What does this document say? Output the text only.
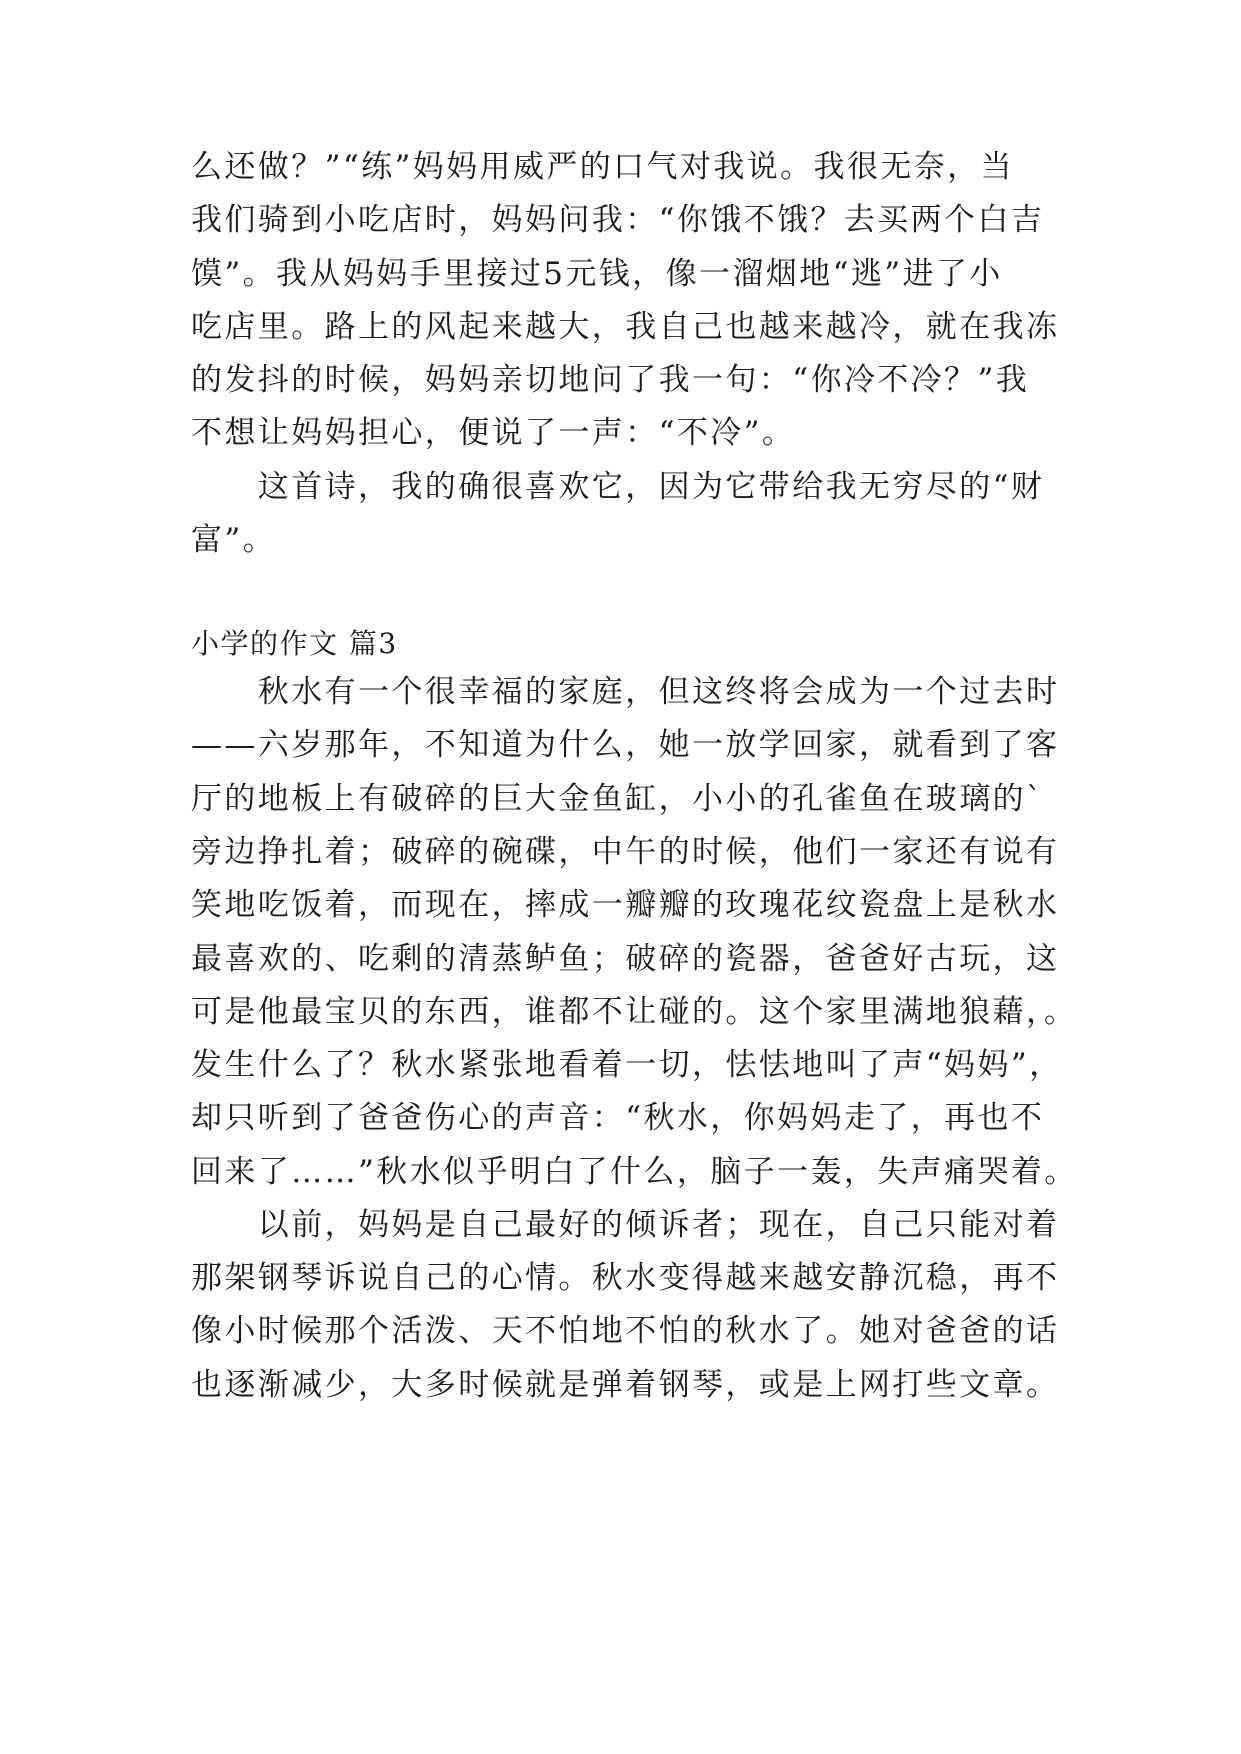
么还做？”“练”妈妈用威严的口气对我说。我很无奈，当
我们骑到小吃店时，妈妈问我：“你饿不饿？去买两个白吉
馍”。我从妈妈手里接过5元钱，像一溜烟地“逃”进了小
吃店里。路上的风起来越大，我自己也越来越冷，就在我冻
的发抖的时候，妈妈亲切地问了我一句：“你冷不冷？”我
不想让妈妈担心，便说了一声：“不冷”。
　　这首诗，我的确很喜欢它，因为它带给我无穷尽的“财
富”。
小学的作文 篇3
　　秋水有一个很幸福的家庭，但这终将会成为一个过去时
——六岁那年，不知道为什么，她一放学回家，就看到了客
厅的地板上有破碎的巨大金鱼缸，小小的孔雀鱼在玻璃的`
旁边挣扎着；破碎的碗碟，中午的时候，他们一家还有说有
笑地吃饭着，而现在，摔成一瓣瓣的玫瑰花纹瓷盘上是秋水
最喜欢的、吃剩的清蒸鲈鱼；破碎的瓷器，爸爸好古玩，这
可是他最宝贝的东西，谁都不让碰的。这个家里满地狼藉，。
发生什么了？秋水紧张地看着一切，怯怯地叫了声“妈妈”，
却只听到了爸爸伤心的声音：“秋水，你妈妈走了，再也不
回来了……”秋水似乎明白了什么，脑子一轰，失声痛哭着。
　　以前，妈妈是自己最好的倾诉者；现在，自己只能对着
那架钢琴诉说自己的心情。秋水变得越来越安静沉稳，再不
像小时候那个活泼、天不怕地不怕的秋水了。她对爸爸的话
也逐渐减少，大多时候就是弹着钢琴，或是上网打些文章。
